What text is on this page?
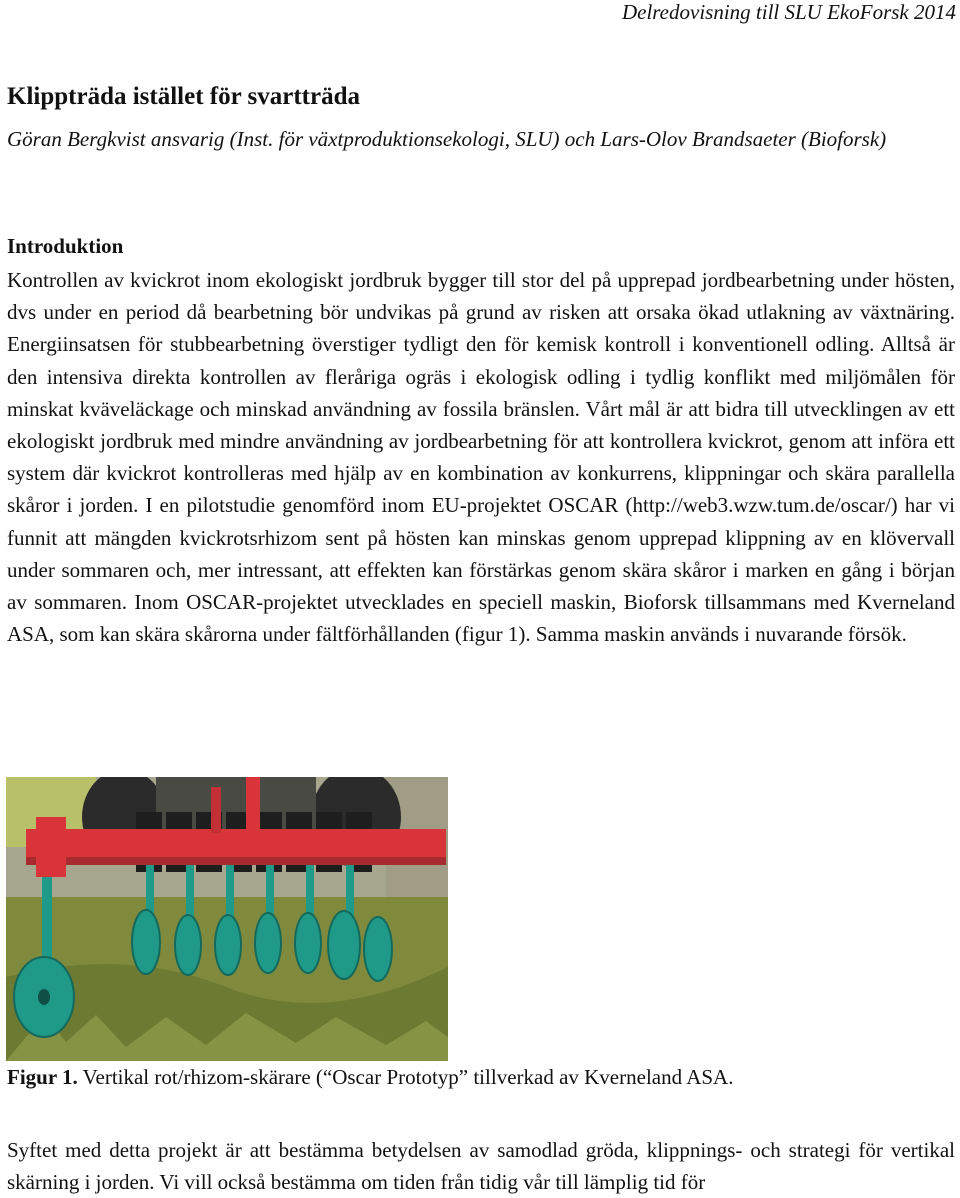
Delredovisning till SLU EkoForsk 2014
Klippträda istället för svartträda

Göran Bergkvist ansvarig (Inst. för växtproduktionsekologi, SLU) och Lars-Olov Brandsaeter (Bioforsk)

Introduktion

Kontrollen av kvickrot inom ekologiskt jordbruk bygger till stor del på upprepad jordbearbetning under hösten, dvs under en period då bearbetning bör undvikas på grund av risken att orsaka ökad utlakning av växtnäring. Energiinsatsen för stubbearbetning överstiger tydligt den för kemisk kontroll i konventionell odling. Alltså är den intensiva direkta kontrollen av fleråriga ogräs i ekologisk odling i tydlig konflikt med miljömålen för minskat kväveläckage och minskad användning av fossila bränslen. Vårt mål är att bidra till utvecklingen av ett ekologiskt jordbruk med mindre användning av jordbearbetning för att kontrollera kvickrot, genom att införa ett system där kvickrot kontrolleras med hjälp av en kombination av konkurrens, klippningar och skära parallella skåror i jorden. I en pilotstudie genomförd inom EU-projektet OSCAR (http://web3.wzw.tum.de/oscar/) har vi funnit att mängden kvickrotsrhizom sent på hösten kan minskas genom upprepad klippning av en klövervall under sommaren och, mer intressant, att effekten kan förstärkas genom skära skåror i marken en gång i början av sommaren. Inom OSCAR-projektet utvecklades en speciell maskin, Bioforsk tillsammans med Kverneland ASA, som kan skära skårorna under fältförhållanden (figur 1). Samma maskin används i nuvarande försök.

Figur 1. Vertikal rot/rhizom-skärare (“Oscar Prototyp” tillverkad av Kverneland ASA.

Syftet med detta projekt är att bestämma betydelsen av samodlad gröda, klippnings- och strategi för vertikal skärning i jorden. Vi vill också bestämma om tiden från tidig vår till lämplig tid för
